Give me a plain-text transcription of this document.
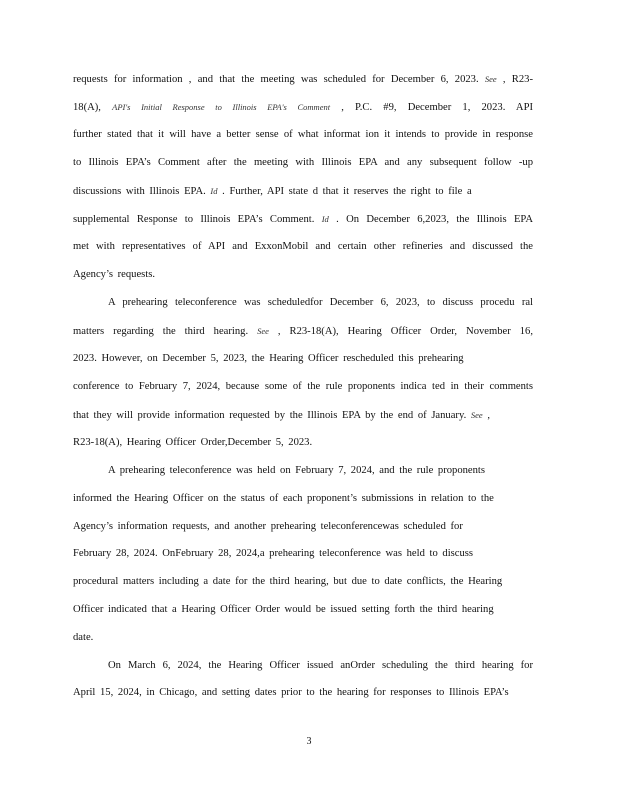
requests for information , and that the meeting was scheduled for December 6, 2023. See , R23-
18(A), API's Initial Response to Illinois EPA's Comment , P.C. #9, December 1, 2023. API
further stated that it will have a better sense of what informat ion it intends to provide in response
to Illinois EPA’s Comment after the meeting with Illinois EPA and any subsequent follow -up
discussions with Illinois EPA. Id . Further, API state d that it reserves the right to file a
supplemental Response to Illinois EPA’s Comment. Id . On December 6,2023, the Illinois EPA
met with representatives of API and ExxonMobil and certain other refineries and discussed the
Agency’s requests.
A prehearing teleconference was scheduledfor December 6, 2023, to discuss procedu ral
matters regarding the third hearing. See , R23-18(A), Hearing Officer Order, November 16,
2023. However, on December 5, 2023, the Hearing Officer rescheduled this prehearing
conference to February 7, 2024, because some of the rule proponents indica ted in their comments
that they will provide information requested by the Illinois EPA by the end of January. See ,
R23-18(A), Hearing Officer Order,December 5, 2023.
A prehearing teleconference was held on February 7, 2024, and the rule proponents
informed the Hearing Officer on the status of each proponent’s submissions in relation to the
Agency’s information requests, and another prehearing teleconferencewas scheduled for
February 28, 2024. OnFebruary 28, 2024,a prehearing teleconference was held to discuss
procedural matters including a date for the third hearing, but due to date conflicts, the Hearing
Officer indicated that a Hearing Officer Order would be issued setting forth the third hearing
date.
On March 6, 2024, the Hearing Officer issued anOrder scheduling the third hearing for
April 15, 2024, in Chicago, and setting dates prior to the hearing for responses to Illinois EPA’s
3
